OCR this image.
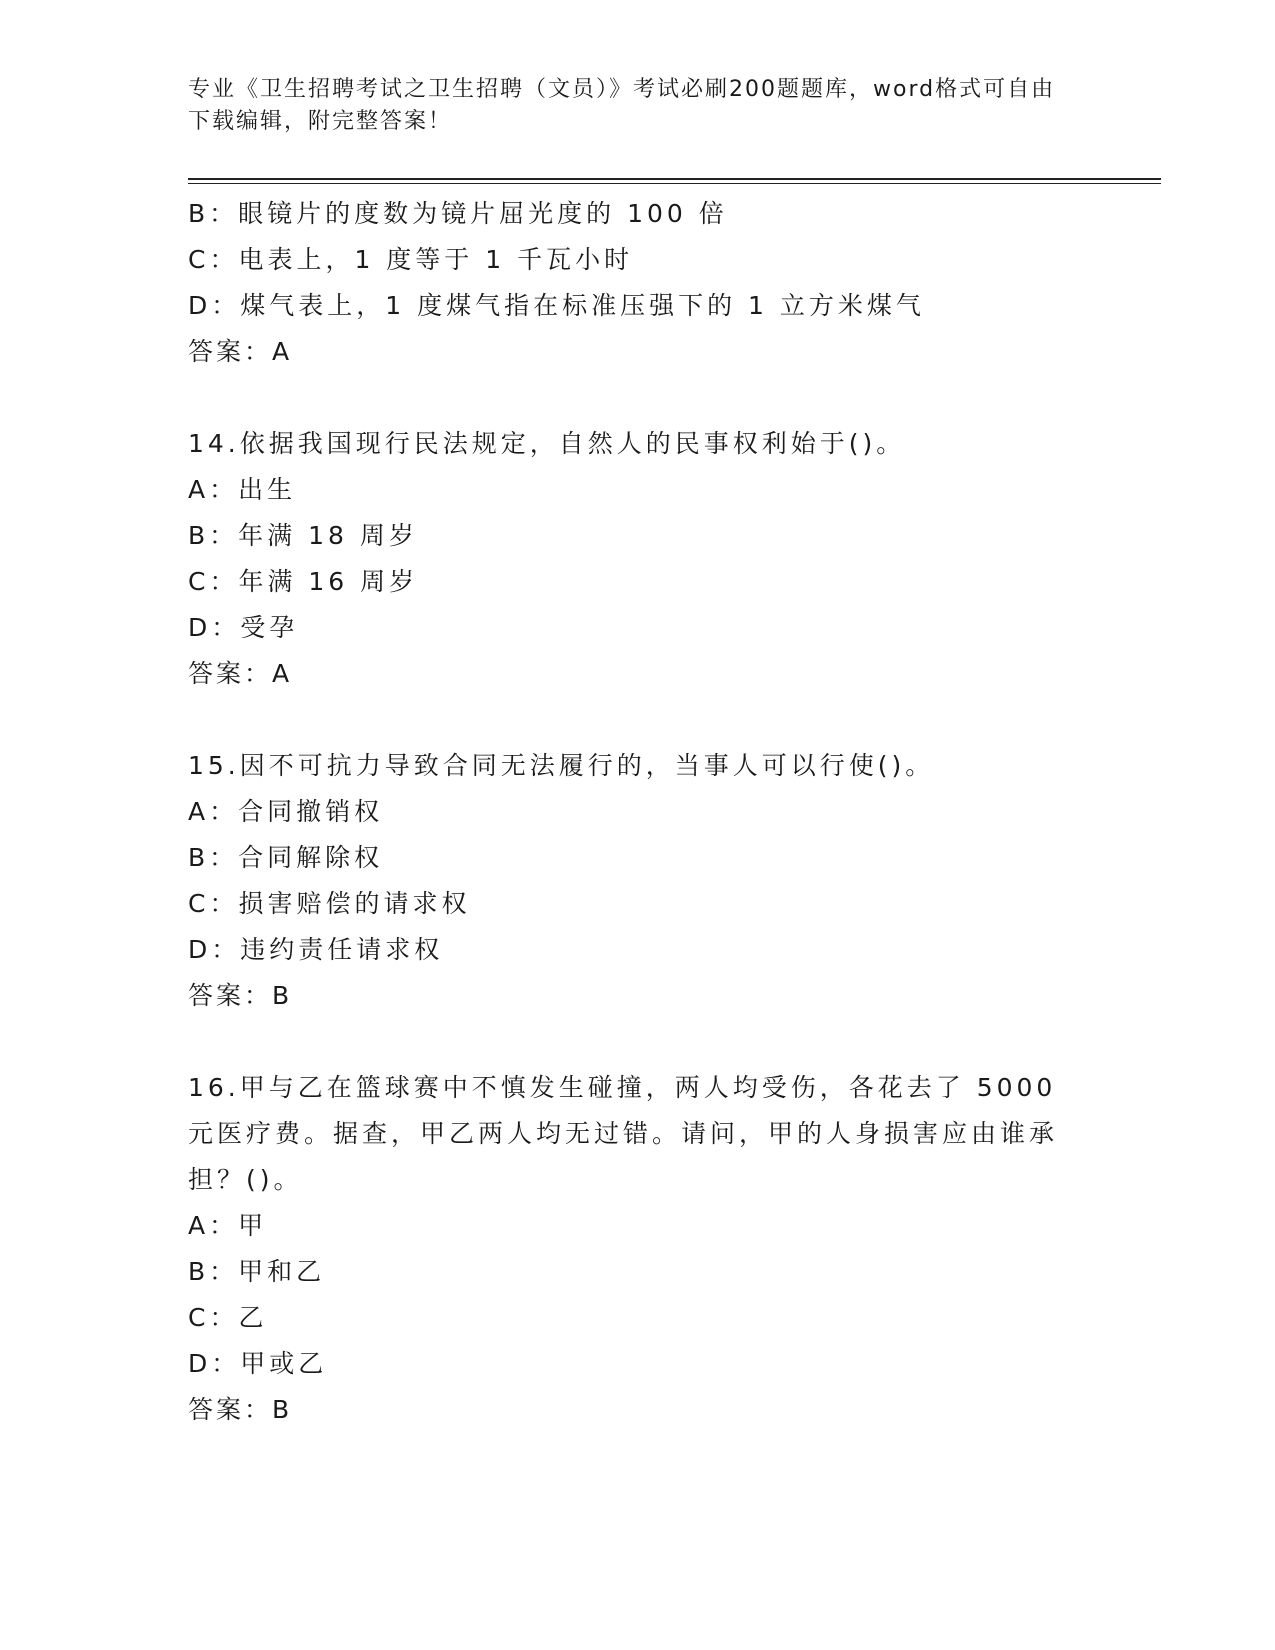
专业《卫生招聘考试之卫生招聘（文员）》考试必刷200题题库，word格式可自由下载编辑，附完整答案！
B：眼镜片的度数为镜片屈光度的 100 倍
C：电表上，1 度等于 1 千瓦小时
D：煤气表上，1 度煤气指在标准压强下的 1 立方米煤气
答案：A
14.依据我国现行民法规定，自然人的民事权利始于()。
A：出生
B：年满 18 周岁
C：年满 16 周岁
D：受孕
答案：A
15.因不可抗力导致合同无法履行的，当事人可以行使()。
A：合同撤销权
B：合同解除权
C：损害赔偿的请求权
D：违约责任请求权
答案：B
16.甲与乙在篮球赛中不慎发生碰撞，两人均受伤，各花去了 5000 元医疗费。据查，甲乙两人均无过错。请问，甲的人身损害应由谁承担？()。
A：甲
B：甲和乙
C：乙
D：甲或乙
答案：B
